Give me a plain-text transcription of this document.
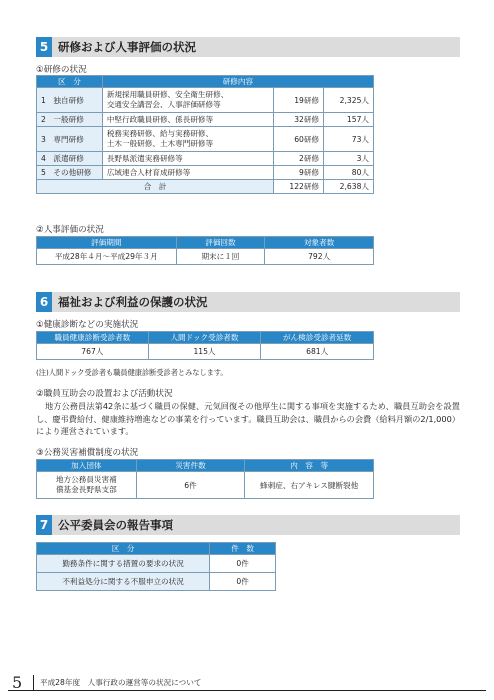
5 研修および人事評価の状況
①研修の状況
区　分	研修内容		
1　独自研修	新規採用職員研修、安全衛生研修、
交通安全講習会、人事評価研修等	19研修	2,325人
2　一般研修	中堅行政職員研修、係長研修等	32研修	157人
3　専門研修	税務実務研修、給与実務研修、
土木一般研修、土木専門研修等	60研修	73人
4　派遣研修	長野県派遣実務研修等	2研修	3人
5　その他研修	広域連合人材育成研修等	9研修	80人
合　計		122研修	2,638人
②人事評価の状況
評価期間	評価回数	対象者数
平成28年４月～平成29年３月	期末に１回	792人
6 福祉および利益の保護の状況
①健康診断などの実施状況
職員健康診断受診者数	人間ドック受診者数	がん検診受診者延数
767人	115人	681人
(注)人間ドック受診者も職員健康診断受診者とみなします。
②職員互助会の設置および活動状況
地方公務員法第42条に基づく職員の保健、元気回復その他厚生に関する事項を実施するため、職員互助会を設置し、慶弔費給付、健康維持増進などの事業を行っています。職員互助会は、職員からの会費（給料月額の2/1,000）により運営されています。
③公務災害補償制度の状況
加入団体	災害件数	内　容　等
地方公務員災害補
償基金長野県支部	6件	蜂刺症、右アキレス腱断裂他
7 公平委員会の報告事項
区　分	件　数
勤務条件に関する措置の要求の状況	0件
不利益処分に関する不服申立の状況	0件
5	平成28年度　人事行政の運営等の状況について
